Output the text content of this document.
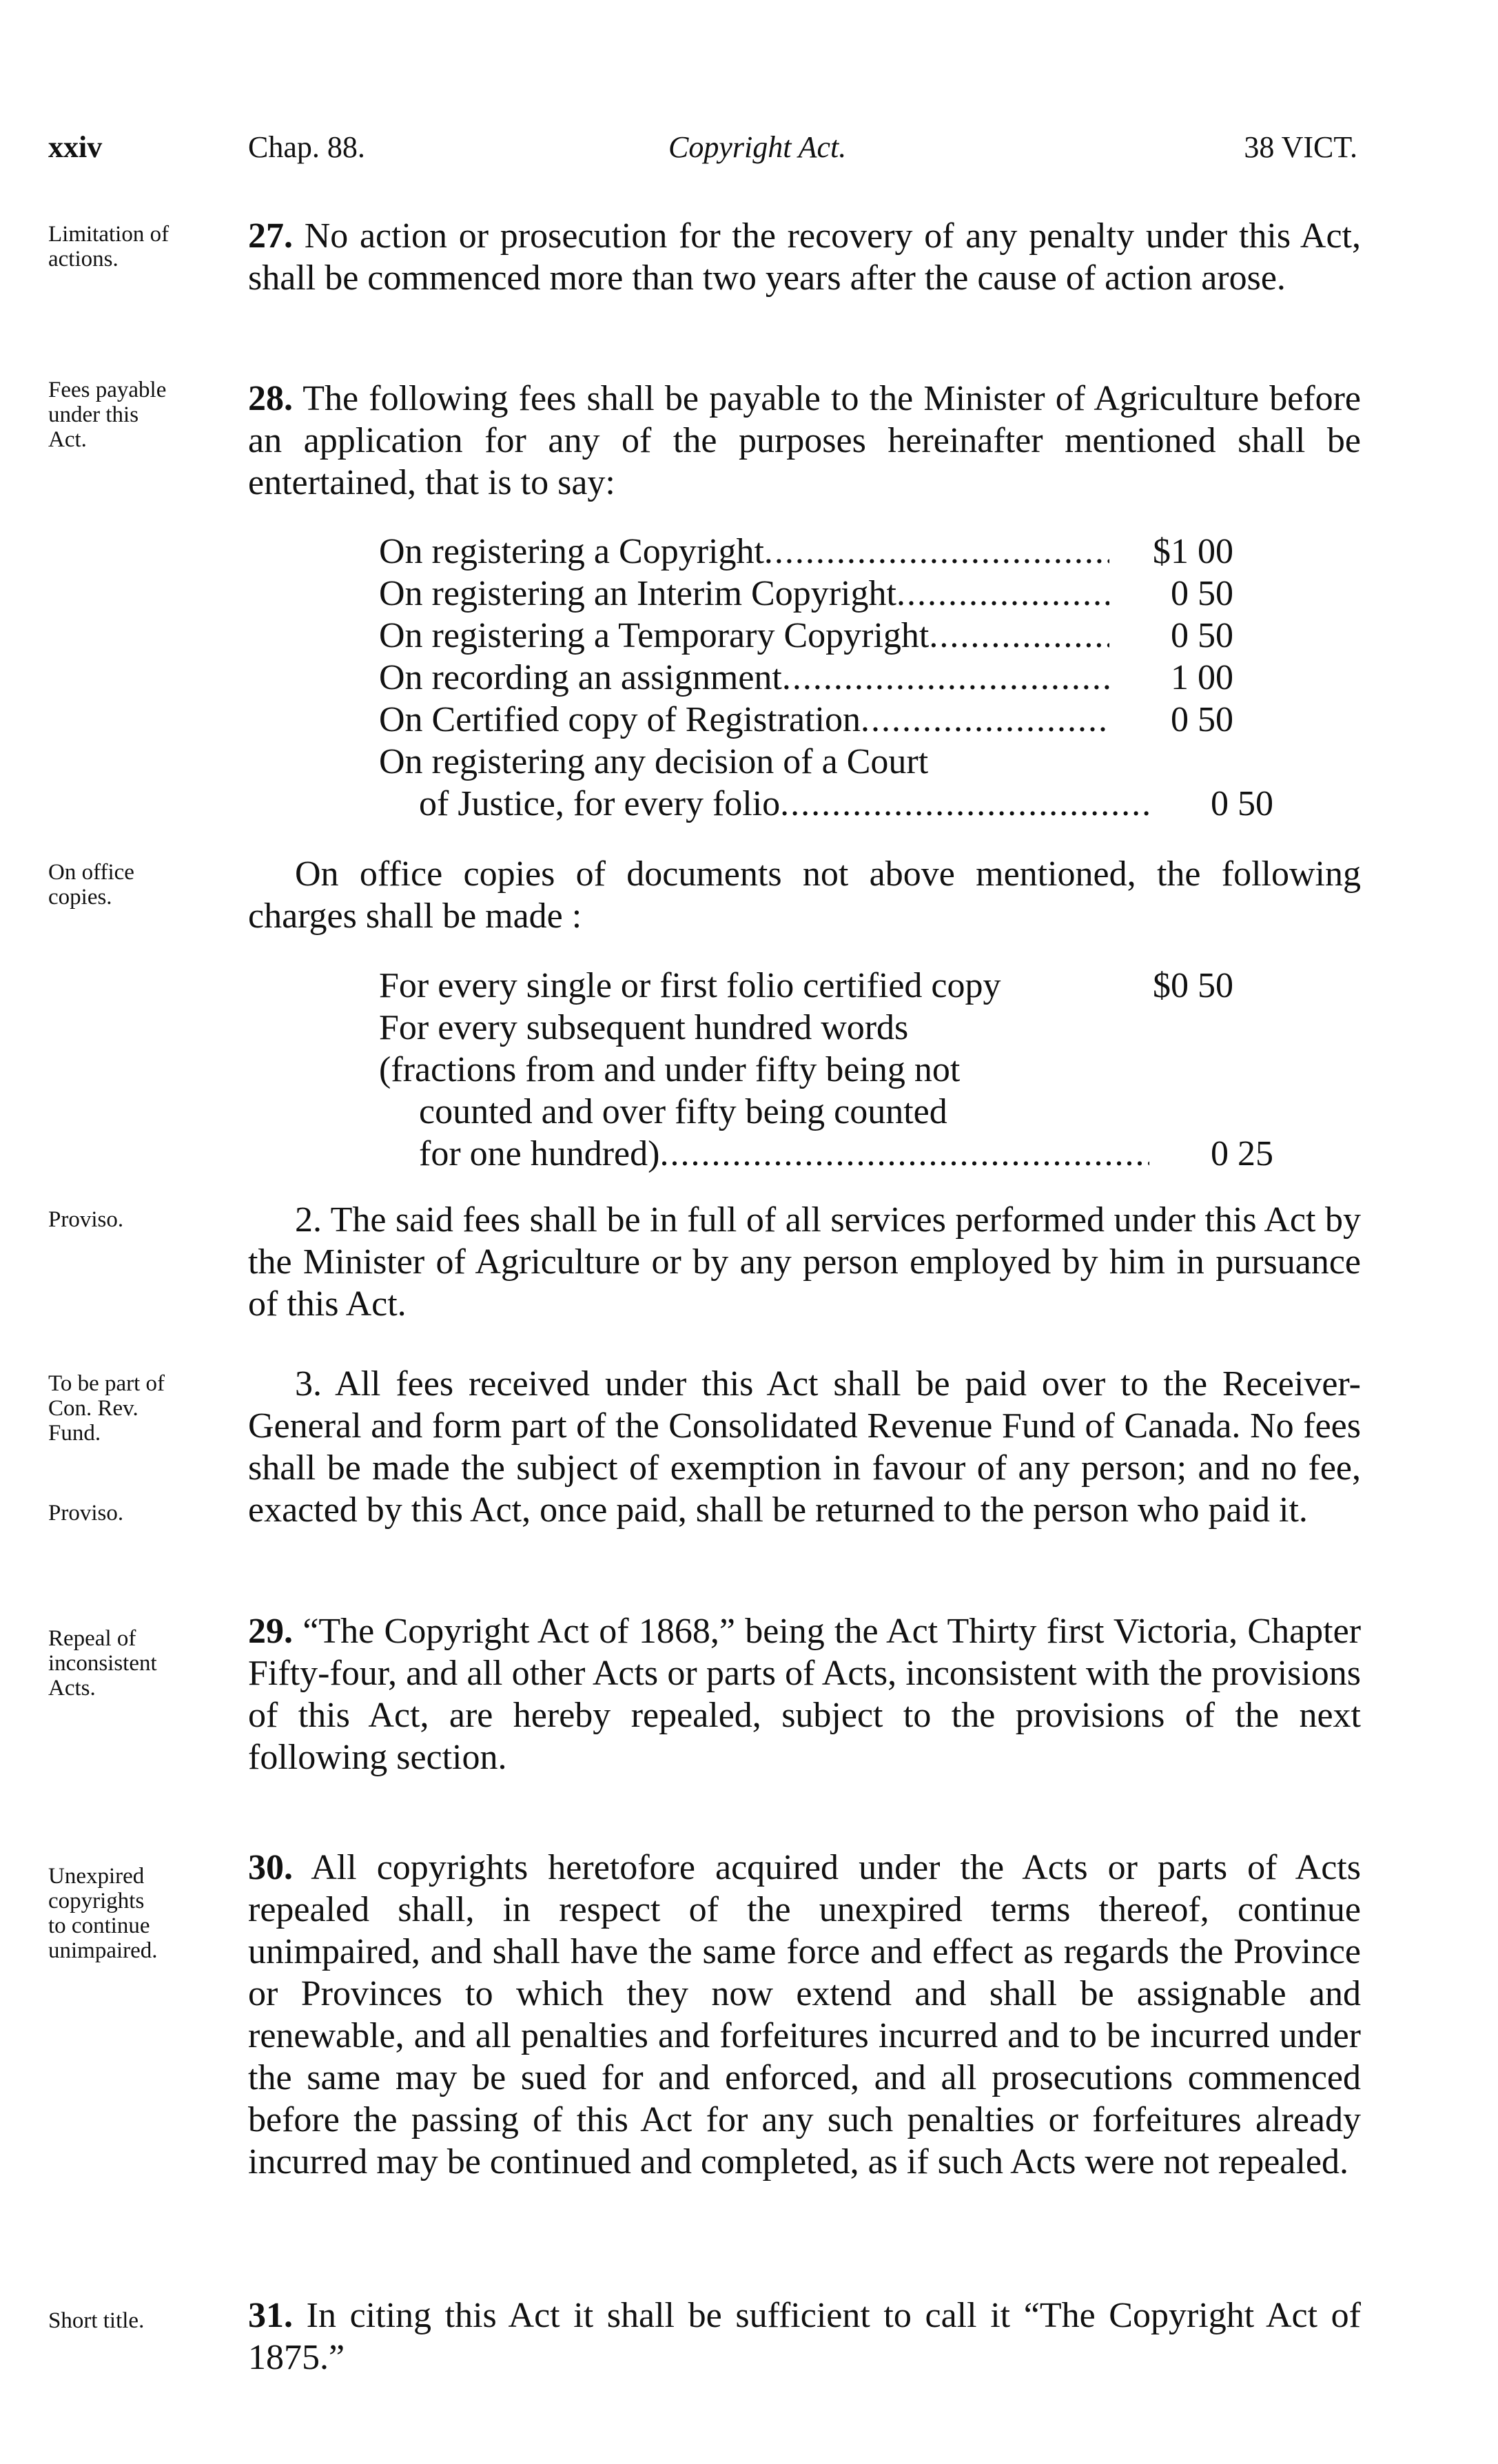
xxiv	Chap. 88.	Copyright Act.	38 VICT.
Limitation of
actions.
27. No action or prosecution for the recovery of any penalty under this Act, shall be commenced more than two years after the cause of action arose.
Fees payable
under this
Act.
28. The following fees shall be payable to the Minister of Agriculture before an application for any of the purposes hereinafter mentioned shall be entertained, that is to say:
On registering a Copyright .....	$1 00
On registering an Interim Copyright .....	0 50
On registering a Temporary Copyright .....	0 50
On recording an assignment .....	1 00
On Certified copy of Registration .....	0 50
On registering any decision of a Court
of Justice, for every folio .....	0 50
On office
copies.
On office copies of documents not above mentioned, the following charges shall be made :
For every single or first folio certified copy	$0 50
For every subsequent hundred words
(fractions from and under fifty being not
counted and over fifty being counted
for one hundred) .....	0 25
Proviso.	2. The said fees shall be in full of all services performed under this Act by the Minister of Agriculture or by any person employed by him in pursuance of this Act.
To be part of
Con. Rev.
Fund.
Proviso.
3. All fees received under this Act shall be paid over to the Receiver-General and form part of the Consolidated Revenue Fund of Canada. No fees shall be made the subject of exemption in favour of any person; and no fee, exacted by this Act, once paid, shall be returned to the person who paid it.
Repeal of
inconsistent
Acts.
29. “The Copyright Act of 1868,” being the Act Thirty first Victoria, Chapter Fifty-four, and all other Acts or parts of Acts, inconsistent with the provisions of this Act, are hereby repealed, subject to the provisions of the next following section.
Unexpired
copyrights
to continue
unimpaired.
30. All copyrights heretofore acquired under the Acts or parts of Acts repealed shall, in respect of the unexpired terms thereof, continue unimpaired, and shall have the same force and effect as regards the Province or Provinces to which they now extend and shall be assignable and renewable, and all penalties and forfeitures incurred and to be incurred under the same may be sued for and enforced, and all prosecutions commenced before the passing of this Act for any such penalties or forfeitures already incurred may be continued and completed, as if such Acts were not repealed.
Short title.	31. In citing this Act it shall be sufficient to call it “The Copyright Act of 1875.”
